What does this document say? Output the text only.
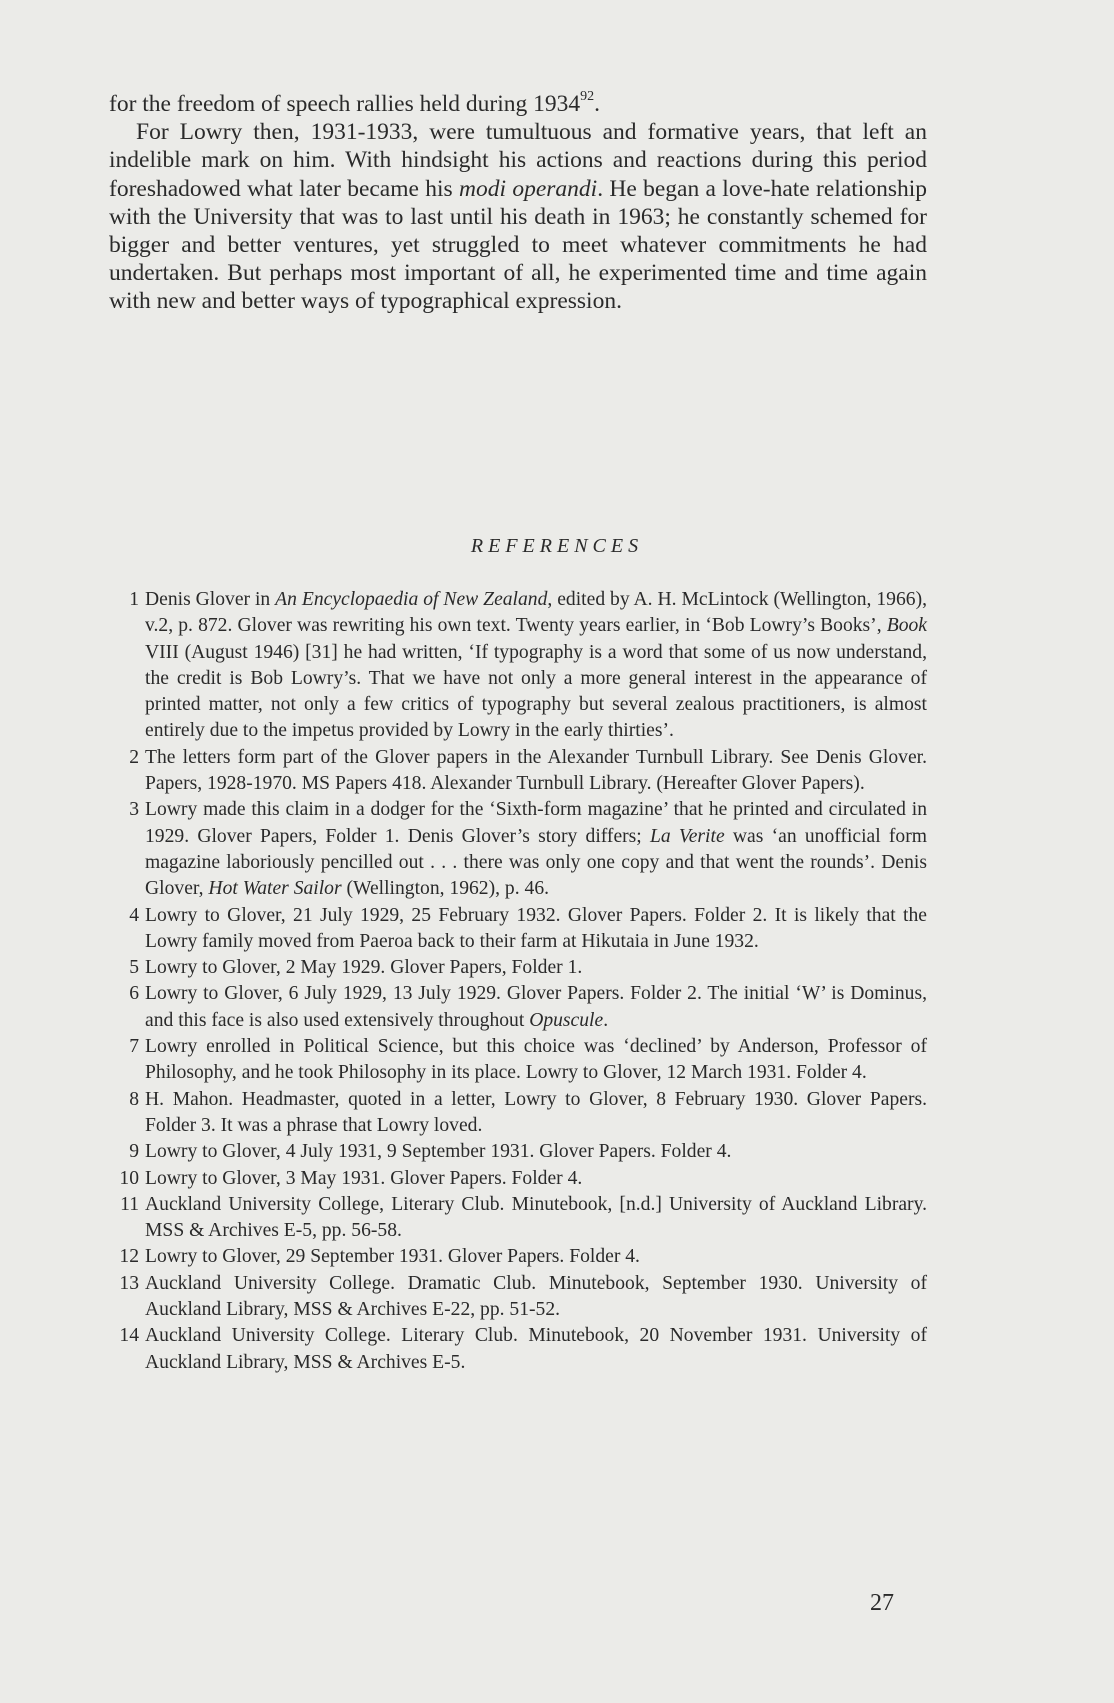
for the freedom of speech rallies held during 1934$^{92}$.

For Lowry then, 1931-1933, were tumultuous and formative years, that left an indelible mark on him. With hindsight his actions and reactions during this period foreshadowed what later became his modi operandi. He began a love-hate relationship with the University that was to last until his death in 1963; he constantly schemed for bigger and better ventures, yet struggled to meet whatever commitments he had undertaken. But perhaps most important of all, he experimented time and time again with new and better ways of typographical expression.

REFERENCES
1 Denis Glover in An Encyclopaedia of New Zealand, edited by A. H. McLintock (Wellington, 1966), v.2, p. 872. Glover was rewriting his own text. Twenty years earlier, in ‘Bob Lowry’s Books’, Book VIII (August 1946) [31] he had written, ‘If typography is a word that some of us now understand, the credit is Bob Lowry’s. That we have not only a more general interest in the appearance of printed matter, not only a few critics of typography but several zealous practitioners, is almost entirely due to the impetus provided by Lowry in the early thirties’.
2 The letters form part of the Glover papers in the Alexander Turnbull Library. See Denis Glover. Papers, 1928-1970. MS Papers 418. Alexander Turnbull Library. (Hereafter Glover Papers).
3 Lowry made this claim in a dodger for the ‘Sixth-form magazine’ that he printed and circulated in 1929. Glover Papers, Folder 1. Denis Glover’s story differs; La Verite was ‘an unofficial form magazine laboriously pencilled out . . . there was only one copy and that went the rounds’. Denis Glover, Hot Water Sailor (Wellington, 1962), p. 46.
4 Lowry to Glover, 21 July 1929, 25 February 1932. Glover Papers. Folder 2. It is likely that the Lowry family moved from Paeroa back to their farm at Hikutaia in June 1932.
5 Lowry to Glover, 2 May 1929. Glover Papers, Folder 1.
6 Lowry to Glover, 6 July 1929, 13 July 1929. Glover Papers. Folder 2. The initial ‘W’ is Dominus, and this face is also used extensively throughout Opuscule.
7 Lowry enrolled in Political Science, but this choice was ‘declined’ by Anderson, Professor of Philosophy, and he took Philosophy in its place. Lowry to Glover, 12 March 1931. Folder 4.
8 H. Mahon. Headmaster, quoted in a letter, Lowry to Glover, 8 February 1930. Glover Papers. Folder 3. It was a phrase that Lowry loved.
9 Lowry to Glover, 4 July 1931, 9 September 1931. Glover Papers. Folder 4.
10 Lowry to Glover, 3 May 1931. Glover Papers. Folder 4.
11 Auckland University College, Literary Club. Minutebook, [n.d.] University of Auckland Library. MSS & Archives E-5, pp. 56-58.
12 Lowry to Glover, 29 September 1931. Glover Papers. Folder 4.
13 Auckland University College. Dramatic Club. Minutebook, September 1930. University of Auckland Library, MSS & Archives E-22, pp. 51-52.
14 Auckland University College. Literary Club. Minutebook, 20 November 1931. University of Auckland Library, MSS & Archives E-5.
27
